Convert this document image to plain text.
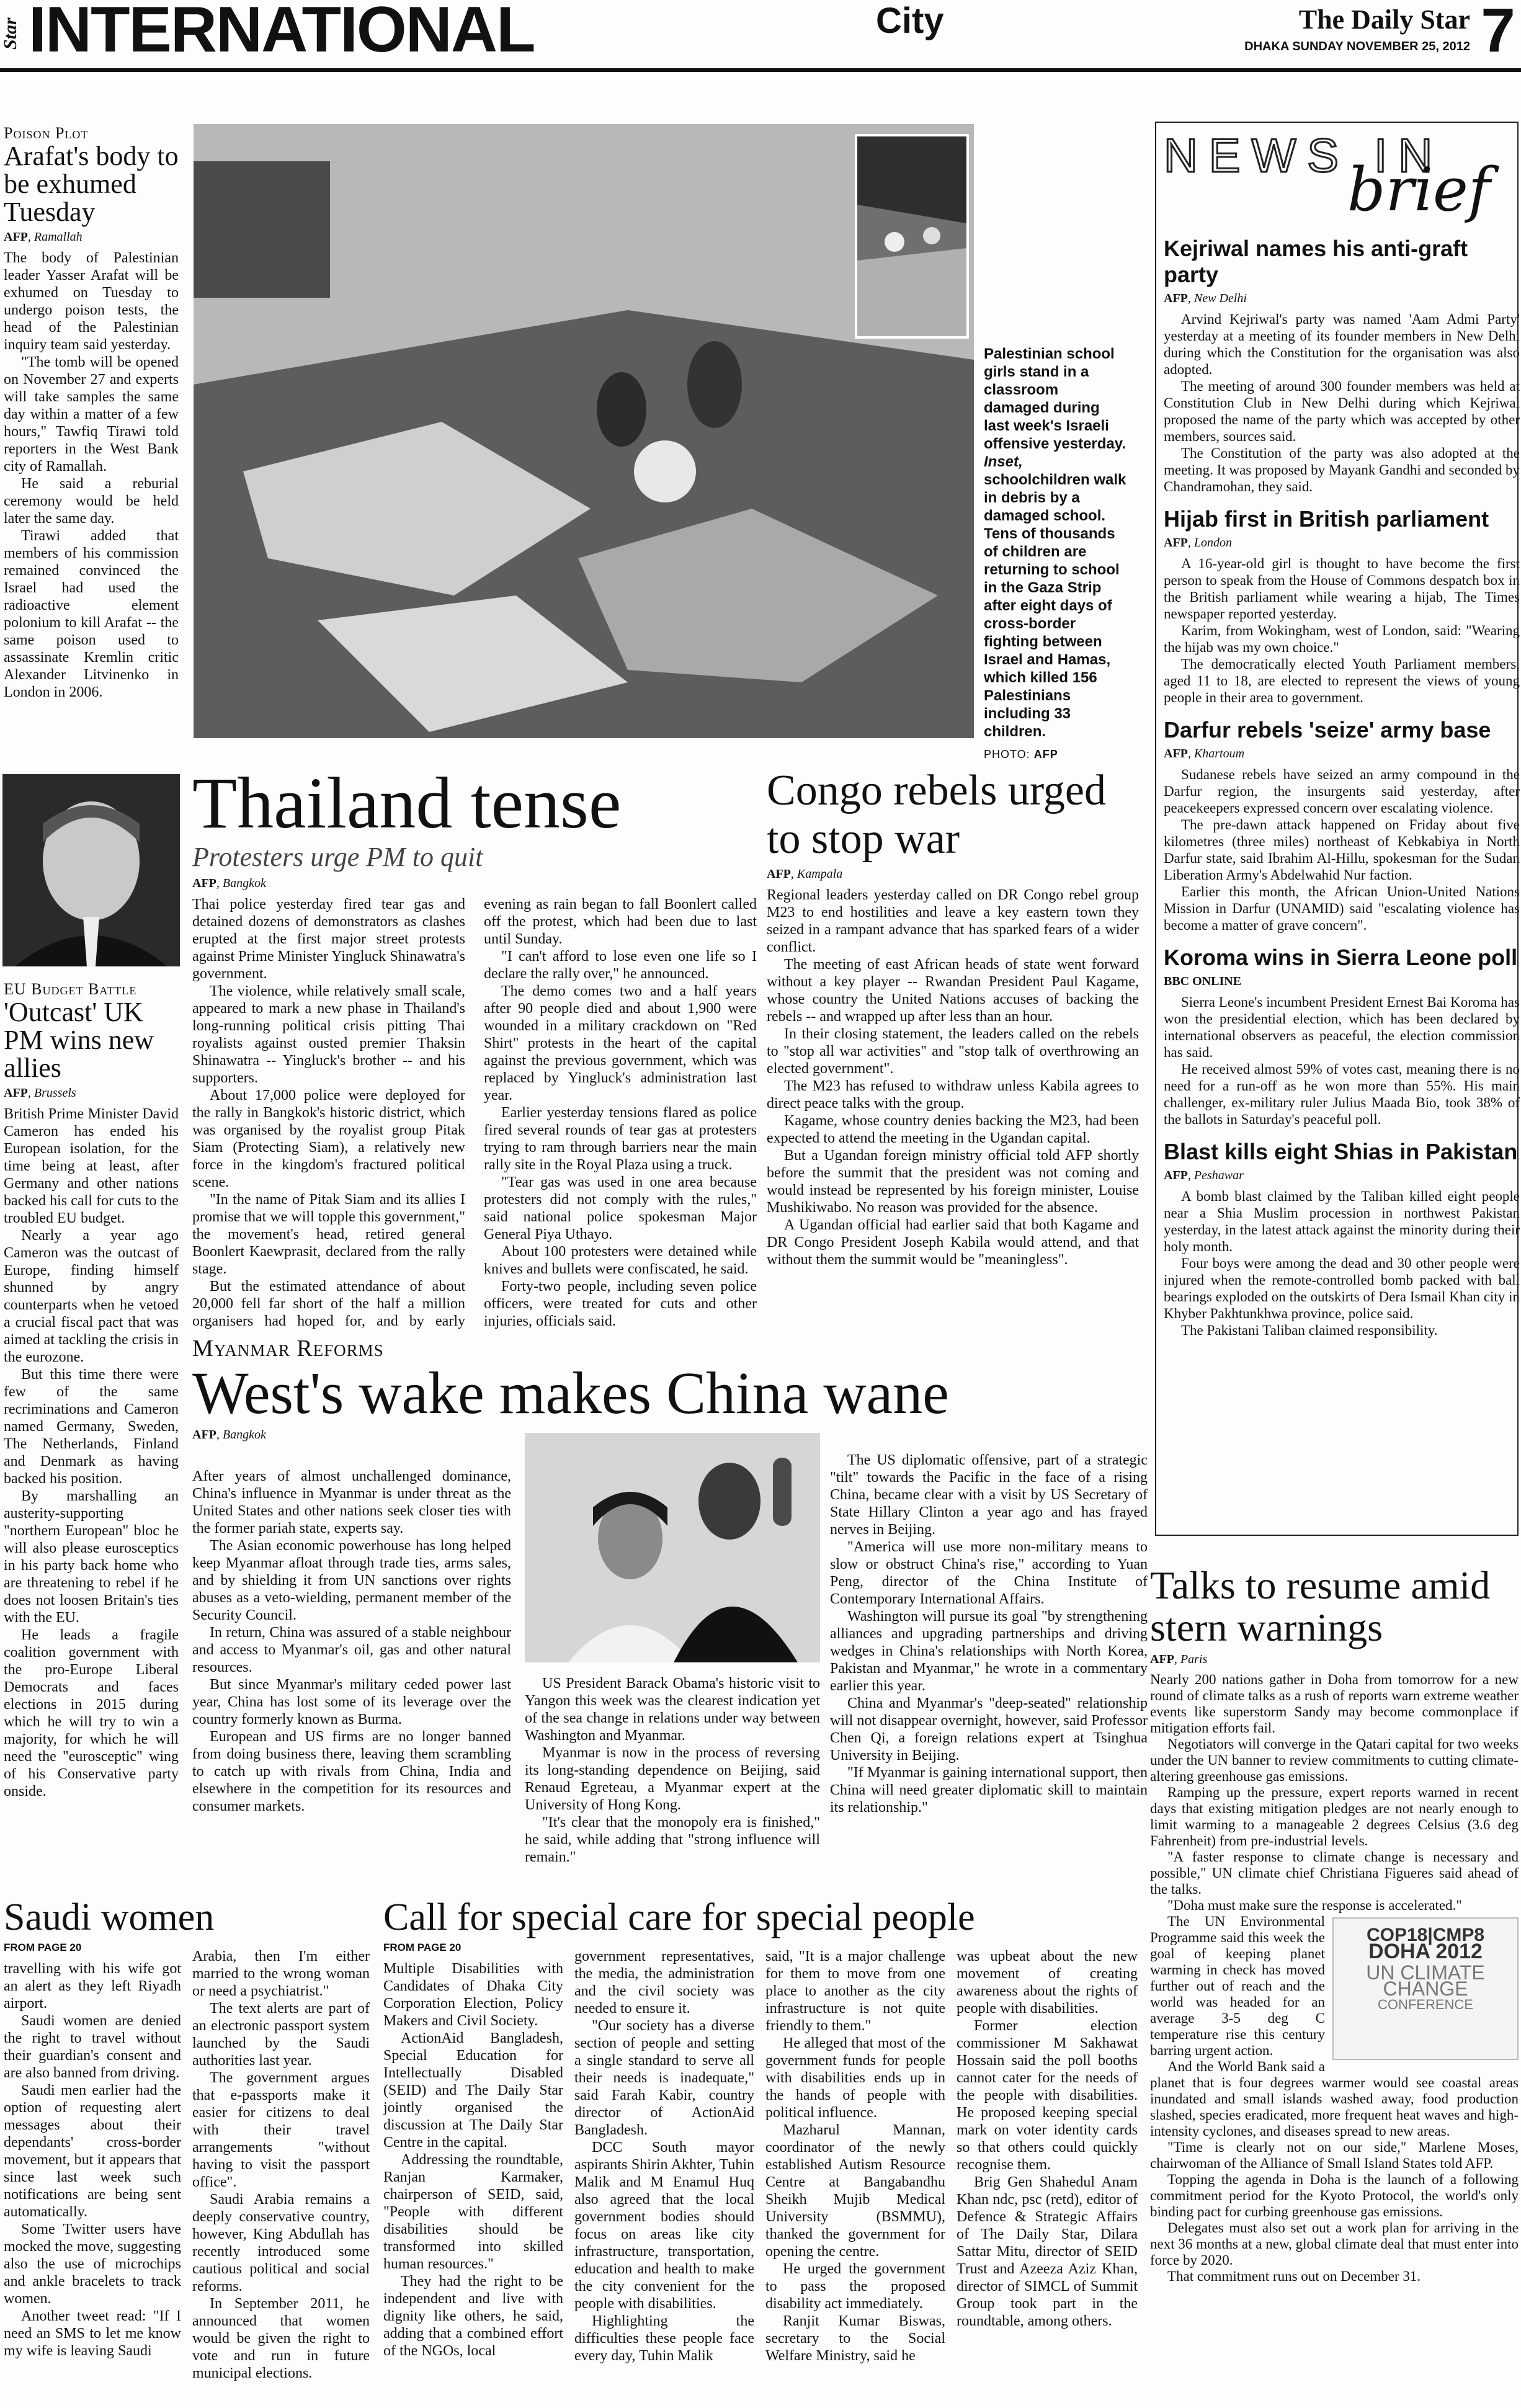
Star INTERNATIONAL	City	The Daily Star
DHAKA SUNDAY NOVEMBER 25, 2012 7
Poison Plot
Arafat's body to be exhumed Tuesday
AFP, Ramallah

The body of Palestinian leader Yasser Arafat will be exhumed on Tuesday to undergo poison tests, the head of the Palestinian inquiry team said yesterday.

"The tomb will be opened on November 27 and experts will take samples the same day within a matter of a few hours," Tawfiq Tirawi told reporters in the West Bank city of Ramallah.

He said a reburial ceremony would be held later the same day.

Tirawi added that members of his commission remained convinced the Israel had used the radioactive element polonium to kill Arafat -- the same poison used to assassinate Kremlin critic Alexander Litvinenko in London in 2006.

Palestinian school girls stand in a classroom damaged during last week's Israeli offensive yesterday. Inset, schoolchildren walk in debris by a damaged school. Tens of thousands of children are returning to school in the Gaza Strip after eight days of cross-border fighting between Israel and Hamas, which killed 156 Palestinians including 33 children.
PHOTO: AFP
NEWS IN
brief
Kejriwal names his anti-graft party
AFP, New Delhi

Arvind Kejriwal's party was named 'Aam Admi Party' yesterday at a meeting of its founder members in New Delhi during which the Constitution for the organisation was also adopted.

The meeting of around 300 founder members was held at Constitution Club in New Delhi during which Kejriwal proposed the name of the party which was accepted by other members, sources said.

The Constitution of the party was also adopted at the meeting. It was proposed by Mayank Gandhi and seconded by Chandramohan, they said.

Hijab first in British parliament
AFP, London

A 16-year-old girl is thought to have become the first person to speak from the House of Commons despatch box in the British parliament while wearing a hijab, The Times newspaper reported yesterday.

Karim, from Wokingham, west of London, said: "Wearing the hijab was my own choice."

The democratically elected Youth Parliament members, aged 11 to 18, are elected to represent the views of young people in their area to government.

Darfur rebels 'seize' army base
AFP, Khartoum

Sudanese rebels have seized an army compound in the Darfur region, the insurgents said yesterday, after peacekeepers expressed concern over escalating violence.

The pre-dawn attack happened on Friday about five kilometres (three miles) northeast of Kebkabiya in North Darfur state, said Ibrahim Al-Hillu, spokesman for the Sudan Liberation Army's Abdelwahid Nur faction.

Earlier this month, the African Union-United Nations Mission in Darfur (UNAMID) said "escalating violence has become a matter of grave concern".

Koroma wins in Sierra Leone poll
BBC ONLINE

Sierra Leone's incumbent President Ernest Bai Koroma has won the presidential election, which has been declared by international observers as peaceful, the election commission has said.

He received almost 59% of votes cast, meaning there is no need for a run-off as he won more than 55%. His main challenger, ex-military ruler Julius Maada Bio, took 38% of the ballots in Saturday's peaceful poll.

Blast kills eight Shias in Pakistan
AFP, Peshawar

A bomb blast claimed by the Taliban killed eight people near a Shia Muslim procession in northwest Pakistan yesterday, in the latest attack against the minority during their holy month.

Four boys were among the dead and 30 other people were injured when the remote-controlled bomb packed with ball bearings exploded on the outskirts of Dera Ismail Khan city in Khyber Pakhtunkhwa province, police said.

The Pakistani Taliban claimed responsibility.

EU Budget Battle
'Outcast' UK PM wins new allies
AFP, Brussels

British Prime Minister David Cameron has ended his European isolation, for the time being at least, after Germany and other nations backed his call for cuts to the troubled EU budget.

Nearly a year ago Cameron was the outcast of Europe, finding himself shunned by angry counterparts when he vetoed a crucial fiscal pact that was aimed at tackling the crisis in the eurozone.

But this time there were few of the same recriminations and Cameron named Germany, Sweden, The Netherlands, Finland and Denmark as having backed his position.

By marshalling an austerity-supporting "northern European" bloc he will also please eurosceptics in his party back home who are threatening to rebel if he does not loosen Britain's ties with the EU.

He leads a fragile coalition government with the pro-Europe Liberal Democrats and faces elections in 2015 during which he will try to win a majority, for which he will need the "eurosceptic" wing of his Conservative party onside.

Thailand tense
Protesters urge PM to quit
AFP, Bangkok

Thai police yesterday fired tear gas and detained dozens of demonstrators as clashes erupted at the first major street protests against Prime Minister Yingluck Shinawatra's government.

The violence, while relatively small scale, appeared to mark a new phase in Thailand's long-running political crisis pitting Thai royalists against ousted premier Thaksin Shinawatra -- Yingluck's brother -- and his supporters.

About 17,000 police were deployed for the rally in Bangkok's historic district, which was organised by the royalist group Pitak Siam (Protecting Siam), a relatively new force in the kingdom's fractured political scene.

"In the name of Pitak Siam and its allies I promise that we will topple this government," the movement's head, retired general Boonlert Kaewprasit, declared from the rally stage.

But the estimated attendance of about 20,000 fell far short of the half a million organisers had hoped for, and by early evening as rain began to fall Boonlert called off the protest, which had been due to last until Sunday.

"I can't afford to lose even one life so I declare the rally over," he announced.

The demo comes two and a half years after 90 people died and about 1,900 were wounded in a military crackdown on "Red Shirt" protests in the heart of the capital against the previous government, which was replaced by Yingluck's administration last year.

Earlier yesterday tensions flared as police fired several rounds of tear gas at protesters trying to ram through barriers near the main rally site in the Royal Plaza using a truck.

"Tear gas was used in one area because protesters did not comply with the rules," said national police spokesman Major General Piya Uthayo.

About 100 protesters were detained while knives and bullets were confiscated, he said.

Forty-two people, including seven police officers, were treated for cuts and other injuries, officials said.

Congo rebels urged to stop war
AFP, Kampala

Regional leaders yesterday called on DR Congo rebel group M23 to end hostilities and leave a key eastern town they seized in a rampant advance that has sparked fears of a wider conflict.

The meeting of east African heads of state went forward without a key player -- Rwandan President Paul Kagame, whose country the United Nations accuses of backing the rebels -- and wrapped up after less than an hour.

In their closing statement, the leaders called on the rebels to "stop all war activities" and "stop talk of overthrowing an elected government".

The M23 has refused to withdraw unless Kabila agrees to direct peace talks with the group.

Kagame, whose country denies backing the M23, had been expected to attend the meeting in the Ugandan capital.

But a Ugandan foreign ministry official told AFP shortly before the summit that the president was not coming and would instead be represented by his foreign minister, Louise Mushikiwabo. No reason was provided for the absence.

A Ugandan official had earlier said that both Kagame and DR Congo President Joseph Kabila would attend, and that without them the summit would be "meaningless".

Myanmar Reforms
West's wake makes China wane
AFP, Bangkok

After years of almost unchallenged dominance, China's influence in Myanmar is under threat as the United States and other nations seek closer ties with the former pariah state, experts say.

The Asian economic powerhouse has long helped keep Myanmar afloat through trade ties, arms sales, and by shielding it from UN sanctions over rights abuses as a veto-wielding, permanent member of the Security Council.

In return, China was assured of a stable neighbour and access to Myanmar's oil, gas and other natural resources.

But since Myanmar's military ceded power last year, China has lost some of its leverage over the country formerly known as Burma.

European and US firms are no longer banned from doing business there, leaving them scrambling to catch up with rivals from China, India and elsewhere in the competition for its resources and consumer markets.

US President Barack Obama's historic visit to Yangon this week was the clearest indication yet of the sea change in relations under way between Washington and Myanmar.

Myanmar is now in the process of reversing its long-standing dependence on Beijing, said Renaud Egreteau, a Myanmar expert at the University of Hong Kong.

"It's clear that the monopoly era is finished," he said, while adding that "strong influence will remain."

The US diplomatic offensive, part of a strategic "tilt" towards the Pacific in the face of a rising China, became clear with a visit by US Secretary of State Hillary Clinton a year ago and has frayed nerves in Beijing.

"America will use more non-military means to slow or obstruct China's rise," according to Yuan Peng, director of the China Institute of Contemporary International Affairs.

Washington will pursue its goal "by strengthening alliances and upgrading partnerships and driving wedges in China's relationships with North Korea, Pakistan and Myanmar," he wrote in a commentary earlier this year.

China and Myanmar's "deep-seated" relationship will not disappear overnight, however, said Professor Chen Qi, a foreign relations expert at Tsinghua University in Beijing.

"If Myanmar is gaining international support, then China will need greater diplomatic skill to maintain its relationship."

Talks to resume amid stern warnings
AFP, Paris

Nearly 200 nations gather in Doha from tomorrow for a new round of climate talks as a rush of reports warn extreme weather events like superstorm Sandy may become commonplace if mitigation efforts fail.

Negotiators will converge in the Qatari capital for two weeks under the UN banner to review commitments to cutting climate-altering greenhouse gas emissions.

Ramping up the pressure, expert reports warned in recent days that existing mitigation pledges are not nearly enough to limit warming to a manageable 2 degrees Celsius (3.6 deg Fahrenheit) from pre-industrial levels.

"A faster response to climate change is necessary and possible," UN climate chief Christiana Figueres said ahead of the talks.

"Doha must make sure the response is accelerated."

COP18|CMP8
DOHA 2012
UN CLIMATE
CHANGE
CONFERENCE

The UN Environmental Programme said this week the goal of keeping planet warming in check has moved further out of reach and the world was headed for an average 3-5 deg C temperature rise this century barring urgent action.

And the World Bank said a planet that is four degrees warmer would see coastal areas inundated and small islands washed away, food production slashed, species eradicated, more frequent heat waves and high-intensity cyclones, and diseases spread to new areas.

"Time is clearly not on our side," Marlene Moses, chairwoman of the Alliance of Small Island States told AFP.

Topping the agenda in Doha is the launch of a following commitment period for the Kyoto Protocol, the world's only binding pact for curbing greenhouse gas emissions.

Delegates must also set out a work plan for arriving in the next 36 months at a new, global climate deal that must enter into force by 2020.

That commitment runs out on December 31.

Saudi women
FROM PAGE 20

travelling with his wife got an alert as they left Riyadh airport.

Saudi women are denied the right to travel without their guardian's consent and are also banned from driving.

Saudi men earlier had the option of requesting alert messages about their dependants' cross-border movement, but it appears that since last week such notifications are being sent automatically.

Some Twitter users have mocked the move, suggesting also the use of microchips and ankle bracelets to track women.

Another tweet read: "If I need an SMS to let me know my wife is leaving Saudi

Arabia, then I'm either married to the wrong woman or need a psychiatrist."

The text alerts are part of an electronic passport system launched by the Saudi authorities last year.

The government argues that e-passports make it easier for citizens to deal with their travel arrangements "without having to visit the passport office".

Saudi Arabia remains a deeply conservative country, however, King Abdullah has recently introduced some cautious political and social reforms.

In September 2011, he announced that women would be given the right to vote and run in future municipal elections.

Call for special care for special people
FROM PAGE 20

Multiple Disabilities with Candidates of Dhaka City Corporation Election, Policy Makers and Civil Society.

ActionAid Bangladesh, Special Education for Intellectually Disabled (SEID) and The Daily Star jointly organised the discussion at The Daily Star Centre in the capital.

Addressing the roundtable, Ranjan Karmaker, chairperson of SEID, said, "People with different disabilities should be transformed into skilled human resources."

They had the right to be independent and live with dignity like others, he said, adding that a combined effort of the NGOs, local

government representatives, the media, the administration and the civil society was needed to ensure it.

"Our society has a diverse section of people and setting a single standard to serve all their needs is inadequate," said Farah Kabir, country director of ActionAid Bangladesh.

DCC South mayor aspirants Shirin Akhter, Tuhin Malik and M Enamul Huq also agreed that the local government bodies should focus on areas like city infrastructure, transportation, education and health to make the city convenient for the people with disabilities.

Highlighting the difficulties these people face every day, Tuhin Malik

said, "It is a major challenge for them to move from one place to another as the city infrastructure is not quite friendly to them."

He alleged that most of the government funds for people with disabilities ends up in the hands of people with political influence.

Mazharul Mannan, coordinator of the newly established Autism Resource Centre at Bangabandhu Sheikh Mujib Medical University (BSMMU), thanked the government for opening the centre.

He urged the government to pass the proposed disability act immediately.

Ranjit Kumar Biswas, secretary to the Social Welfare Ministry, said he

was upbeat about the new movement of creating awareness about the rights of people with disabilities.

Former election commissioner M Sakhawat Hossain said the poll booths cannot cater for the needs of the people with disabilities. He proposed keeping special mark on voter identity cards so that others could quickly recognise them.

Brig Gen Shahedul Anam Khan ndc, psc (retd), editor of Defence & Strategic Affairs of The Daily Star, Dilara Sattar Mitu, director of SEID Trust and Azeeza Aziz Khan, director of SIMCL of Summit Group took part in the roundtable, among others.
